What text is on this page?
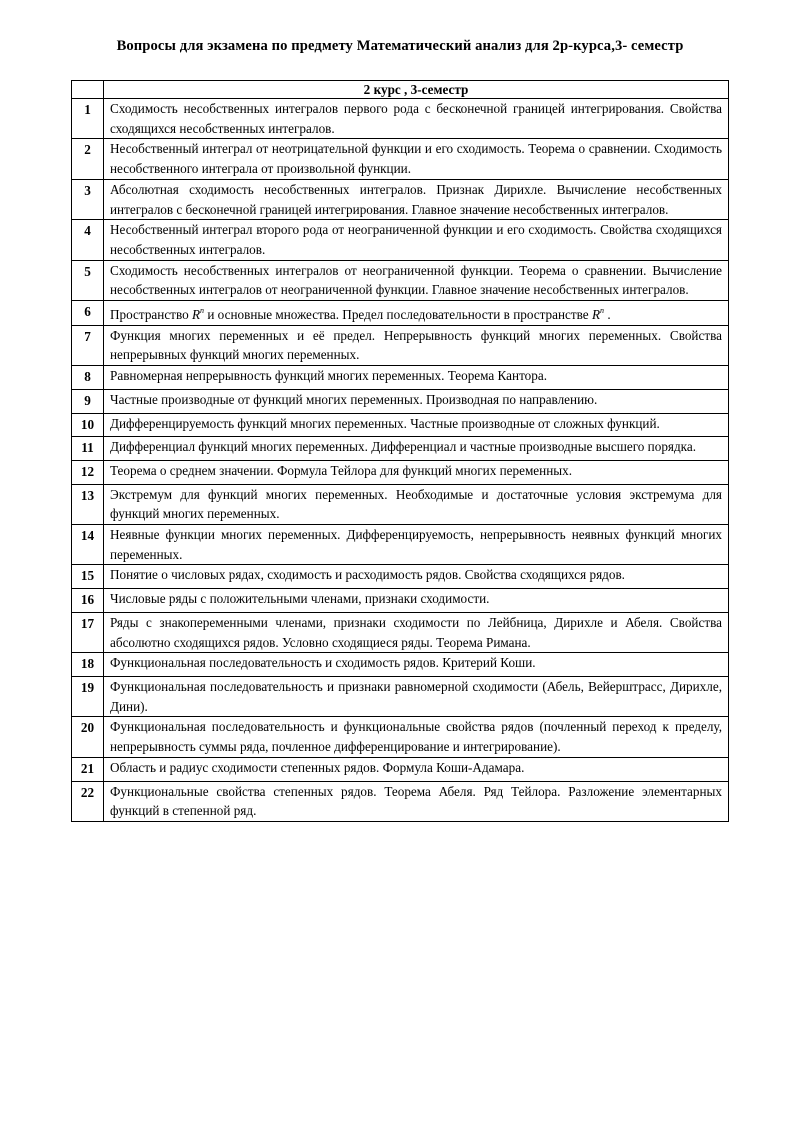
Вопросы для экзамена по предмету Математический анализ для 2р-курса,3- семестр
	2 курс , 3-семестр
1	Сходимость несобственных интегралов первого рода с бесконечной границей интегрирования. Свойства сходящихся несобственных интегралов.
2	Несобственный интеграл от неотрицательной функции и его сходимость. Теорема о сравнении. Сходимость несобственного интеграла от произвольной функции.
3	Абсолютная сходимость несобственных интегралов. Признак Дирихле. Вычисление несобственных интегралов с бесконечной границей интегрирования. Главное значение несобственных интегралов.
4	Несобственный интеграл второго рода от неограниченной функции и его сходимость. Свойства сходящихся несобственных интегралов.
5	Сходимость несобственных интегралов от неограниченной функции. Теорема о сравнении. Вычисление несобственных интегралов от неограниченной функции. Главное значение несобственных интегралов.
6	Пространство $R^n$ и основные множества. Предел последовательности в пространстве $R^n$ .
7	Функция многих переменных и её предел. Непрерывность функций многих переменных. Свойства непрерывных функций многих переменных.
8	Равномерная непрерывность функций многих переменных. Теорема Кантора.
9	Частные производные от функций многих переменных. Производная по направлению.
10	Дифференцируемость функций многих переменных. Частные производные от сложных функций.
11	Дифференциал функций многих переменных. Дифференциал и частные производные высшего порядка.
12	Теорема о среднем значении. Формула Тейлора для функций многих переменных.
13	Экстремум для функций многих переменных. Необходимые и достаточные условия экстремума для функций многих переменных.
14	Неявные функции многих переменных. Дифференцируемость, непрерывность неявных функций многих переменных.
15	Понятие о числовых рядах, сходимость и расходимость рядов. Свойства сходящихся рядов.
16	Числовые ряды с положительными членами, признаки сходимости.
17	Ряды с знакопеременными членами, признаки сходимости по Лейбница, Дирихле и Абеля. Свойства абсолютно сходящихся рядов. Условно сходящиеся ряды. Теорема Римана.
18	Функциональная последовательность и сходимость рядов. Критерий Коши.
19	Функциональная последовательность и признаки равномерной сходимости (Абель, Вейерштрасс, Дирихле, Дини).
20	Функциональная последовательность и функциональные свойства рядов (почленный переход к пределу, непрерывность суммы ряда, почленное дифференцирование и интегрирование).
21	Область и радиус сходимости степенных рядов. Формула Коши-Адамара.
22	Функциональные свойства степенных рядов. Теорема Абеля. Ряд Тейлора. Разложение элементарных функций в степенной ряд.
